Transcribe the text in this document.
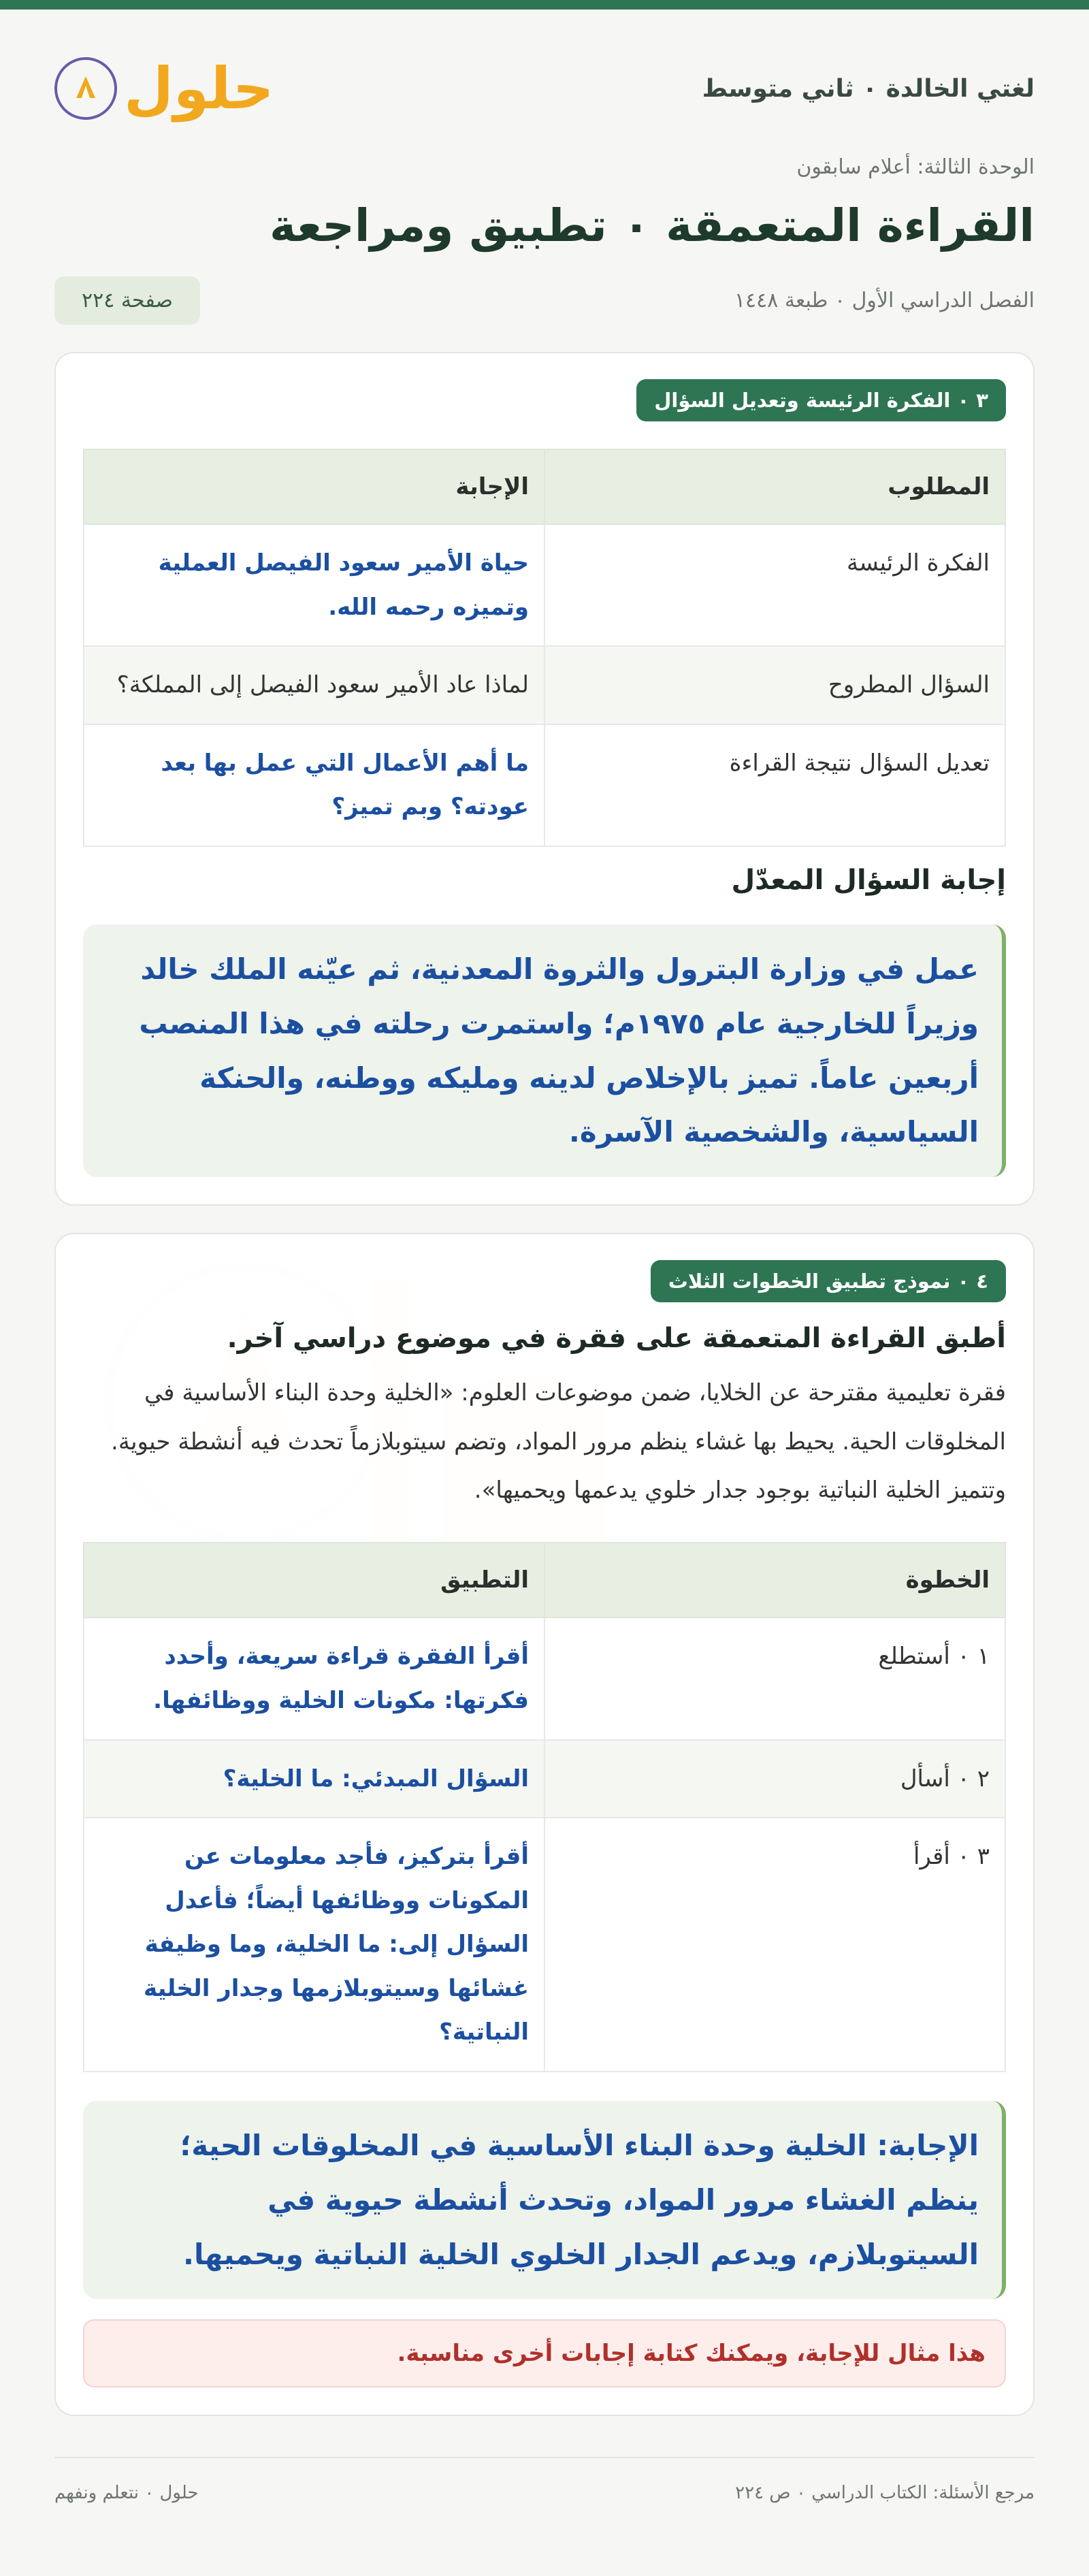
لغتي الخالدة ٠ ثاني متوسط
حلول
الوحدة الثالثة: أعلام سابقون
القراءة المتعمقة ٠ تطبيق ومراجعة
الفصل الدراسي الأول ٠ طبعة ١٤٤٨
صفحة ٢٢٤
٣ ٠ الفكرة الرئيسة وتعديل السؤال
المطلوب	الإجابة
الفكرة الرئيسة	حياة الأمير سعود الفيصل العملية وتميزه رحمه الله.
السؤال المطروح	لماذا عاد الأمير سعود الفيصل إلى المملكة؟
تعديل السؤال نتيجة القراءة	ما أهم الأعمال التي عمل بها بعد عودته؟ وبم تميز؟
إجابة السؤال المعدّل
عمل في وزارة البترول والثروة المعدنية، ثم عيّنه الملك خالد وزيراً للخارجية عام ١٩٧٥م؛ واستمرت رحلته في هذا المنصب أربعين عاماً. تميز بالإخلاص لدينه ومليكه ووطنه، والحنكة السياسية، والشخصية الآسرة.
٤ ٠ نموذج تطبيق الخطوات الثلاث
أطبق القراءة المتعمقة على فقرة في موضوع دراسي آخر.
فقرة تعليمية مقترحة عن الخلايا، ضمن موضوعات العلوم: «الخلية وحدة البناء الأساسية في المخلوقات الحية. يحيط بها غشاء ينظم مرور المواد، وتضم سيتوبلازماً تحدث فيه أنشطة حيوية. وتتميز الخلية النباتية بوجود جدار خلوي يدعمها ويحميها».
الخطوة	التطبيق
١ ٠ أستطلع	أقرأ الفقرة قراءة سريعة، وأحدد فكرتها: مكونات الخلية ووظائفها.
٢ ٠ أسأل	السؤال المبدئي: ما الخلية؟
٣ ٠ أقرأ	أقرأ بتركيز، فأجد معلومات عن المكونات ووظائفها أيضاً؛ فأعدل السؤال إلى: ما الخلية، وما وظيفة غشائها وسيتوبلازمها وجدار الخلية النباتية؟
الإجابة: الخلية وحدة البناء الأساسية في المخلوقات الحية؛ ينظم الغشاء مرور المواد، وتحدث أنشطة حيوية في السيتوبلازم، ويدعم الجدار الخلوي الخلية النباتية ويحميها.
هذا مثال للإجابة، ويمكنك كتابة إجابات أخرى مناسبة.
مرجع الأسئلة: الكتاب الدراسي ٠ ص ٢٢٤
حلول ٠ نتعلم ونفهم
